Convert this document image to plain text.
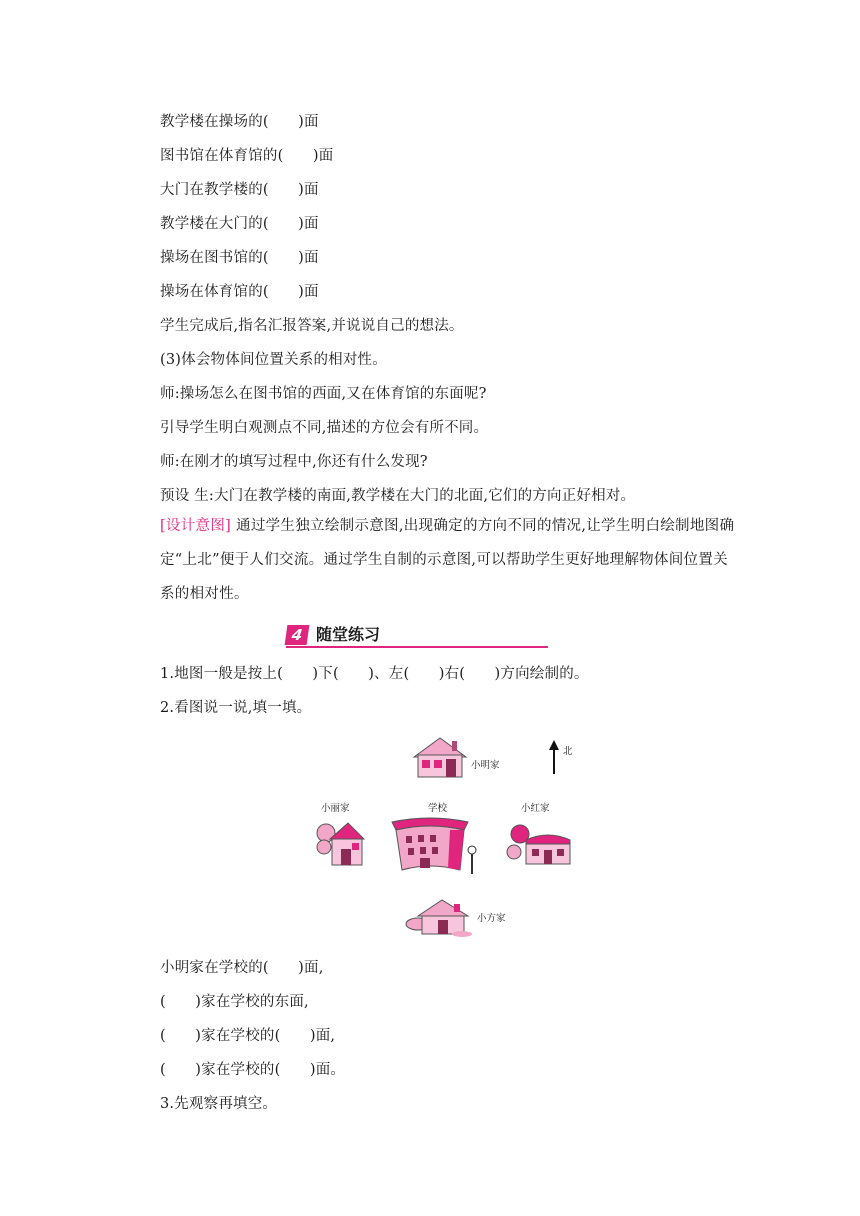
教学楼在操场的(　　)面
图书馆在体育馆的(　　)面
大门在教学楼的(　　)面
教学楼在大门的(　　)面
操场在图书馆的(　　)面
操场在体育馆的(　　)面
学生完成后,指名汇报答案,并说说自己的想法。
(3)体会物体间位置关系的相对性。
师:操场怎么在图书馆的西面,又在体育馆的东面呢?
引导学生明白观测点不同,描述的方位会有所不同。
师:在刚才的填写过程中,你还有什么发现?
预设 生:大门在教学楼的南面,教学楼在大门的北面,它们的方向正好相对。
[设计意图] 通过学生独立绘制示意图,出现确定的方向不同的情况,让学生明白绘制地图确定“上北”便于人们交流。通过学生自制的示意图,可以帮助学生更好地理解物体间位置关系的相对性。
4 随堂练习
1.地图一般是按上(　　)下(　　)、左(　　)右(　　)方向绘制的。
2.看图说一说,填一填。
北
小明家
小丽家	学校	小红家
小方家
小明家在学校的(　　)面,
(　　)家在学校的东面,
(　　)家在学校的(　　)面,
(　　)家在学校的(　　)面。
3.先观察再填空。
